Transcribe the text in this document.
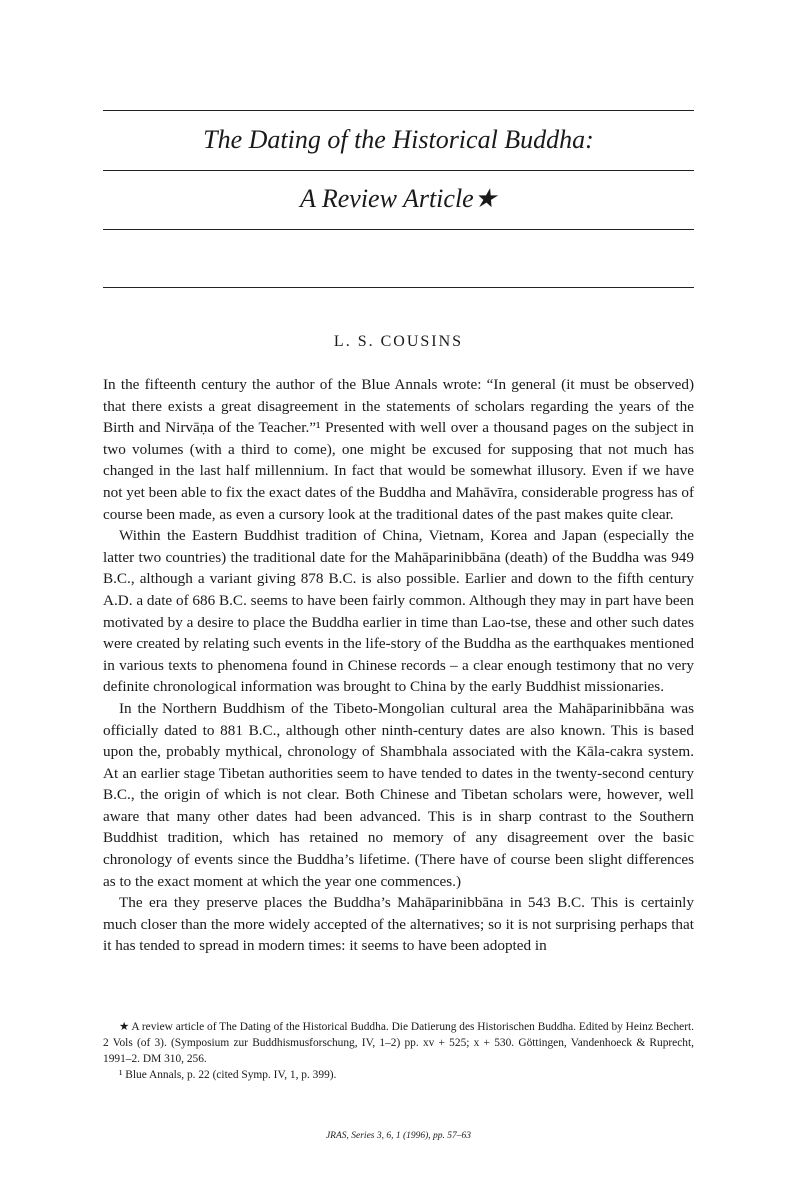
The Dating of the Historical Buddha:
A Review Article★
L. S. COUSINS

In the fifteenth century the author of the Blue Annals wrote: “In general (it must be observed) that there exists a great disagreement in the statements of scholars regarding the years of the Birth and Nirvāṇa of the Teacher.”¹ Presented with well over a thousand pages on the subject in two volumes (with a third to come), one might be excused for supposing that not much has changed in the last half millennium. In fact that would be somewhat illusory. Even if we have not yet been able to fix the exact dates of the Buddha and Mahāvīra, considerable progress has of course been made, as even a cursory look at the traditional dates of the past makes quite clear.

Within the Eastern Buddhist tradition of China, Vietnam, Korea and Japan (especially the latter two countries) the traditional date for the Mahāparinibbāna (death) of the Buddha was 949 B.C., although a variant giving 878 B.C. is also possible. Earlier and down to the fifth century A.D. a date of 686 B.C. seems to have been fairly common. Although they may in part have been motivated by a desire to place the Buddha earlier in time than Lao-tse, these and other such dates were created by relating such events in the life-story of the Buddha as the earthquakes mentioned in various texts to phenomena found in Chinese records – a clear enough testimony that no very definite chronological information was brought to China by the early Buddhist missionaries.

In the Northern Buddhism of the Tibeto-Mongolian cultural area the Mahāparinibbāna was officially dated to 881 B.C., although other ninth-century dates are also known. This is based upon the, probably mythical, chronology of Shambhala associated with the Kāla-cakra system. At an earlier stage Tibetan authorities seem to have tended to dates in the twenty-second century B.C., the origin of which is not clear. Both Chinese and Tibetan scholars were, however, well aware that many other dates had been advanced. This is in sharp contrast to the Southern Buddhist tradition, which has retained no memory of any disagreement over the basic chronology of events since the Buddha’s lifetime. (There have of course been slight differences as to the exact moment at which the year one commences.)

The era they preserve places the Buddha’s Mahāparinibbāna in 543 B.C. This is certainly much closer than the more widely accepted of the alternatives; so it is not surprising perhaps that it has tended to spread in modern times: it seems to have been adopted in

★ A review article of The Dating of the Historical Buddha. Die Datierung des Historischen Buddha. Edited by Heinz Bechert. 2 Vols (of 3). (Symposium zur Buddhismusforschung, IV, 1–2) pp. xv + 525; x + 530. Göttingen, Vandenhoeck & Ruprecht, 1991–2. DM 310, 256.

¹ Blue Annals, p. 22 (cited Symp. IV, 1, p. 399).

JRAS, Series 3, 6, 1 (1996), pp. 57–63
